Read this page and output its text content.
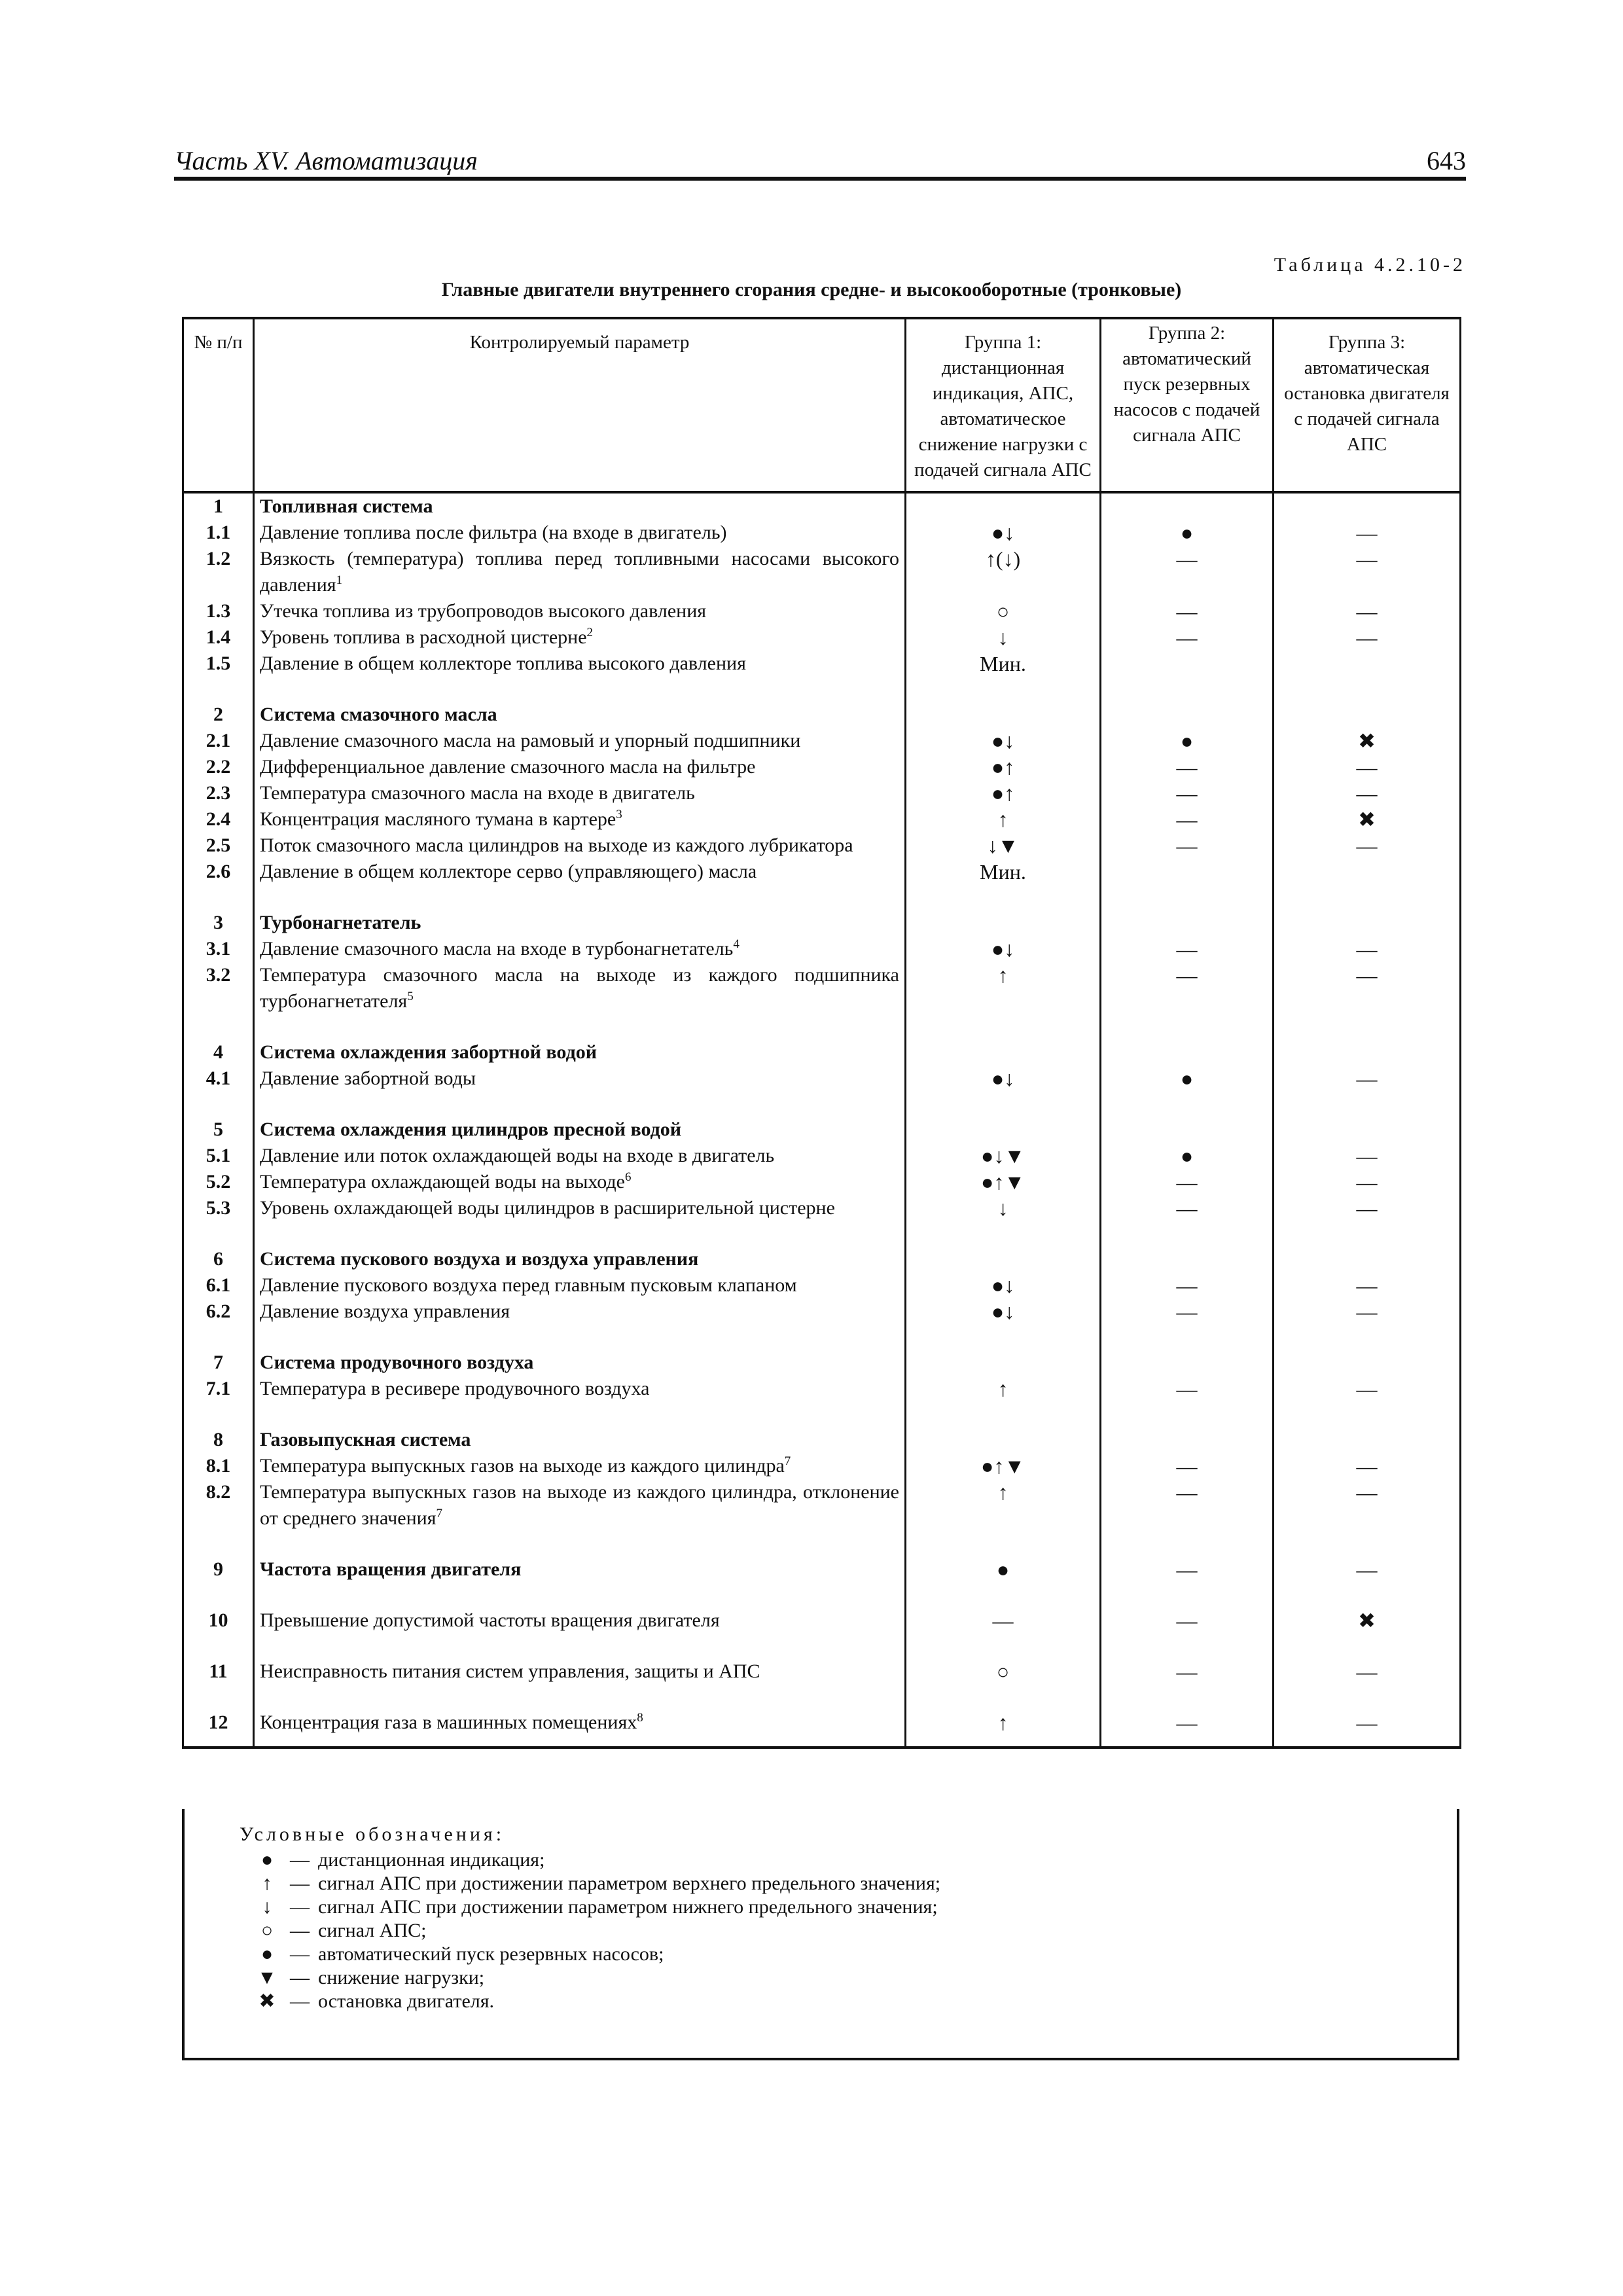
Часть XV. Автоматизация	643
Таблица 4.2.10-2
Главные двигатели внутреннего сгорания средне- и высокооборотные (тронковые)
№ п/п	Контролируемый параметр	Группа 1: дистанционная индикация, АПС, автоматическое снижение нагрузки с подачей сигнала АПС	Группа 2: автоматический пуск резервных насосов с подачей сигнала АПС	Группа 3: автоматическая остановка двигателя с подачей сигнала АПС
1	Топливная система			
1.1	Давление топлива после фильтра (на входе в двигатель)	●↓	●	—
1.2	Вязкость (температура) топлива перед топливными насосами высокого давления$^1$	↑(↓)	—	—
1.3	Утечка топлива из трубопроводов высокого давления	○	—	—
1.4	Уровень топлива в расходной цистерне$^2$	↓	—	—
1.5	Давление в общем коллекторе топлива высокого давления	Мин.		

2	Система смазочного масла			
2.1	Давление смазочного масла на рамовый и упорный подшипники	●↓	●	✖
2.2	Дифференциальное давление смазочного масла на фильтре	●↑	—	—
2.3	Температура смазочного масла на входе в двигатель	●↑	—	—
2.4	Концентрация масляного тумана в картере$^3$	↑	—	✖
2.5	Поток смазочного масла цилиндров на выходе из каждого лубрикатора	↓▼	—	—
2.6	Давление в общем коллекторе серво (управляющего) масла	Мин.		

3	Турбонагнетатель			
3.1	Давление смазочного масла на входе в турбонагнетатель$^4$	●↓	—	—
3.2	Температура смазочного масла на выходе из каждого подшипника турбонагнетателя$^5$	↑	—	—

4	Система охлаждения забортной водой			
4.1	Давление забортной воды	●↓	●	—

5	Система охлаждения цилиндров пресной водой			
5.1	Давление или поток охлаждающей воды на входе в двигатель	●↓▼	●	—
5.2	Температура охлаждающей воды на выходе$^6$	●↑▼	—	—
5.3	Уровень охлаждающей воды цилиндров в расширительной цистерне	↓	—	—

6	Система пускового воздуха и воздуха управления			
6.1	Давление пускового воздуха перед главным пусковым клапаном	●↓	—	—
6.2	Давление воздуха управления	●↓	—	—

7	Система продувочного воздуха			
7.1	Температура в ресивере продувочного воздуха	↑	—	—

8	Газовыпускная система			
8.1	Температура выпускных газов на выходе из каждого цилиндра$^7$	●↑▼	—	—
8.2	Температура выпускных газов на выходе из каждого цилиндра, отклонение от среднего значения$^7$	↑	—	—

9	Частота вращения двигателя	●	—	—

10	Превышение допустимой частоты вращения двигателя	—	—	✖

11	Неисправность питания систем управления, защиты и АПС	○	—	—

12	Концентрация газа в машинных помещениях$^8$	↑	—	—

Условные обозначения:
● — дистанционная индикация;
↑ — сигнал АПС при достижении параметром верхнего предельного значения;
↓ — сигнал АПС при достижении параметром нижнего предельного значения;
○ — сигнал АПС;
● — автоматический пуск резервных насосов;
▼ — снижение нагрузки;
✖ — остановка двигателя.
